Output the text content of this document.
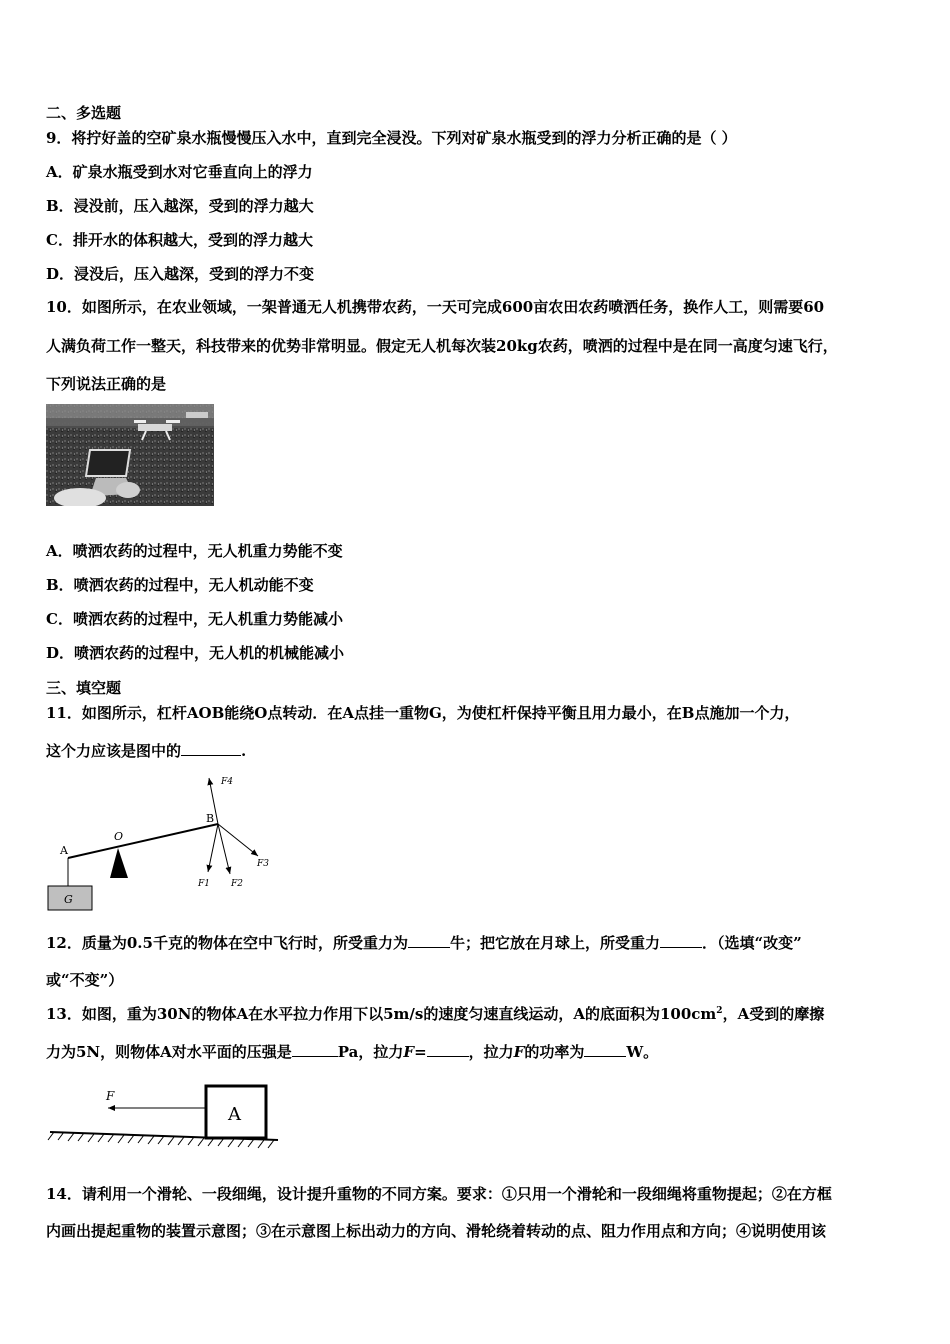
二、多选题
9．将拧好盖的空矿泉水瓶慢慢压入水中，直到完全浸没。下列对矿泉水瓶受到的浮力分析正确的是（ ）
A．矿泉水瓶受到水对它垂直向上的浮力
B．浸没前，压入越深，受到的浮力越大
C．排开水的体积越大，受到的浮力越大
D．浸没后，压入越深，受到的浮力不变
10．如图所示，在农业领域，一架普通无人机携带农药，一天可完成600亩农田农药喷洒任务，换作人工，则需要60
人满负荷工作一整天，科技带来的优势非常明显。假定无人机每次装20kg农药，喷洒的过程中是在同一高度匀速飞行，
下列说法正确的是
A．喷洒农药的过程中，无人机重力势能不变
B．喷洒农药的过程中，无人机动能不变
C．喷洒农药的过程中，无人机重力势能减小
D．喷洒农药的过程中，无人机的机械能减小
三、填空题
11．如图所示，杠杆AOB能绕O点转动．在A点挂一重物G，为使杠杆保持平衡且用力最小，在B点施加一个力，
这个力应该是图中的	.
A
O
B
G
F4
F1 F2
F3
12．质量为0.5千克的物体在空中飞行时，所受重力为	牛；把它放在月球上，所受重力	．（选填“改变”
或“不变”）
13．如图，重为30N的物体A在水平拉力作用下以5m/s的速度匀速直线运动，A的底面积为$100cm^2$，A受到的摩擦
力为5N，则物体A对水平面的压强是	Pa，拉力F=	，拉力F的功率为	W。
A
F
14．请利用一个滑轮、一段细绳，设计提升重物的不同方案。要求：①只用一个滑轮和一段细绳将重物提起；②在方框
内画出提起重物的装置示意图；③在示意图上标出动力的方向、滑轮绕着转动的点、阻力作用点和方向；④说明使用该
